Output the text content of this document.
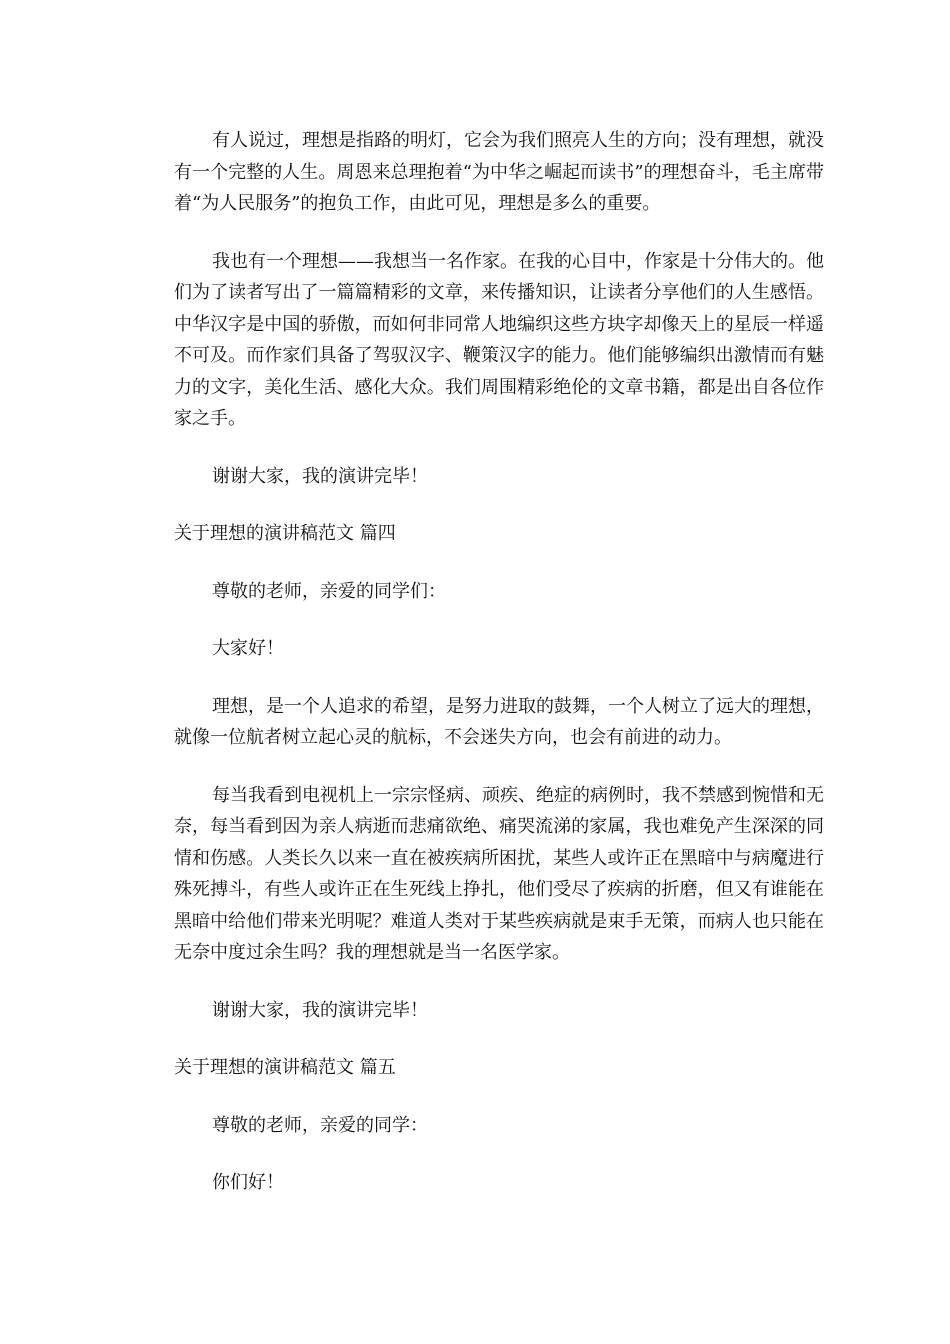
有人说过，理想是指路的明灯，它会为我们照亮人生的方向；没有理想，就没有一个完整的人生。周恩来总理抱着“为中华之崛起而读书”的理想奋斗，毛主席带着“为人民服务”的抱负工作，由此可见，理想是多么的重要。

我也有一个理想——我想当一名作家。在我的心目中，作家是十分伟大的。他们为了读者写出了一篇篇精彩的文章，来传播知识，让读者分享他们的人生感悟。中华汉字是中国的骄傲，而如何非同常人地编织这些方块字却像天上的星辰一样遥不可及。而作家们具备了驾驭汉字、鞭策汉字的能力。他们能够编织出激情而有魅力的文字，美化生活、感化大众。我们周围精彩绝伦的文章书籍，都是出自各位作家之手。

谢谢大家，我的演讲完毕！

关于理想的演讲稿范文 篇四

尊敬的老师，亲爱的同学们：

大家好！

理想，是一个人追求的希望，是努力进取的鼓舞，一个人树立了远大的理想，就像一位航者树立起心灵的航标，不会迷失方向，也会有前进的动力。

每当我看到电视机上一宗宗怪病、顽疾、绝症的病例时，我不禁感到惋惜和无奈，每当看到因为亲人病逝而悲痛欲绝、痛哭流涕的家属，我也难免产生深深的同情和伤感。人类长久以来一直在被疾病所困扰，某些人或许正在黑暗中与病魔进行殊死搏斗，有些人或许正在生死线上挣扎，他们受尽了疾病的折磨，但又有谁能在黑暗中给他们带来光明呢？难道人类对于某些疾病就是束手无策，而病人也只能在无奈中度过余生吗？我的理想就是当一名医学家。

谢谢大家，我的演讲完毕！

关于理想的演讲稿范文 篇五

尊敬的老师，亲爱的同学：

你们好！
